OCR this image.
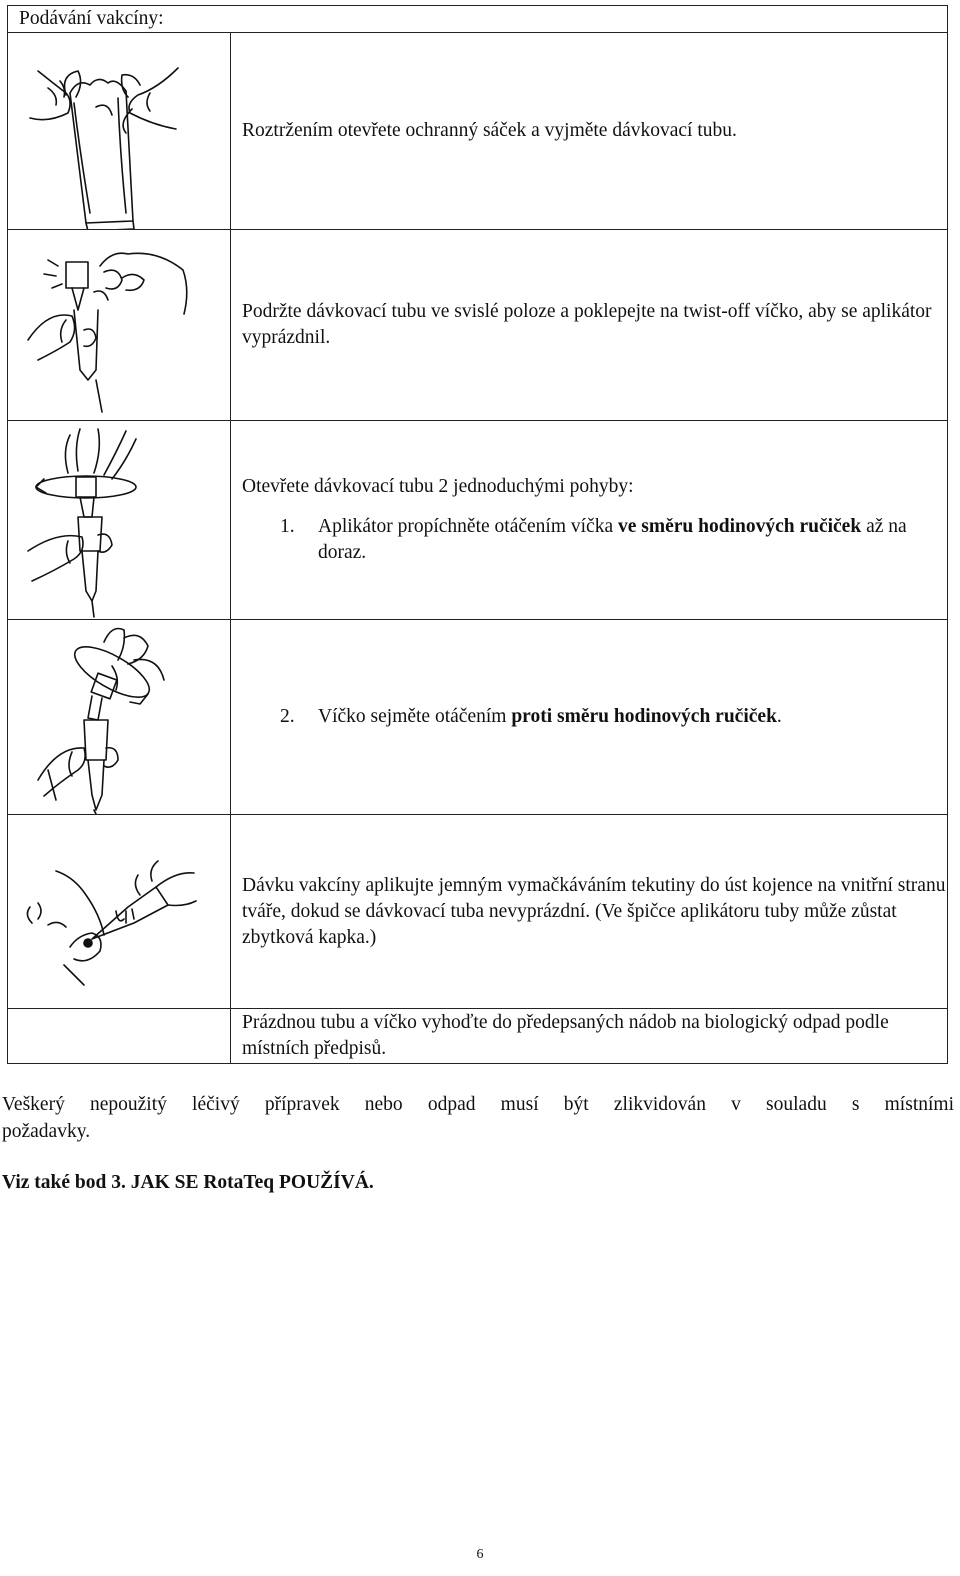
Podávání vakcíny:

Roztržením otevřete ochranný sáček a vyjměte dávkovací tubu.

Podržte dávkovací tubu ve svislé poloze a poklepejte na twist-off víčko, aby se aplikátor vyprázdnil.

Otevřete dávkovací tubu 2 jednoduchými pohyby:

1. Aplikátor propíchněte otáčením víčka ve směru hodinových ručiček až na doraz.

2. Víčko sejměte otáčením proti směru hodinových ručiček.

Dávku vakcíny aplikujte jemným vymačkáváním tekutiny do úst kojence na vnitřní stranu tváře, dokud se dávkovací tuba nevyprázdní. (Ve špičce aplikátoru tuby může zůstat zbytková kapka.)

Prázdnou tubu a víčko vyhoďte do předepsaných nádob na biologický odpad podle místních předpisů.

Veškerý nepoužitý léčivý přípravek nebo odpad musí být zlikvidován v souladu s místními
požadavky.
Viz také bod 3. JAK SE RotaTeq POUŽÍVÁ.
6
